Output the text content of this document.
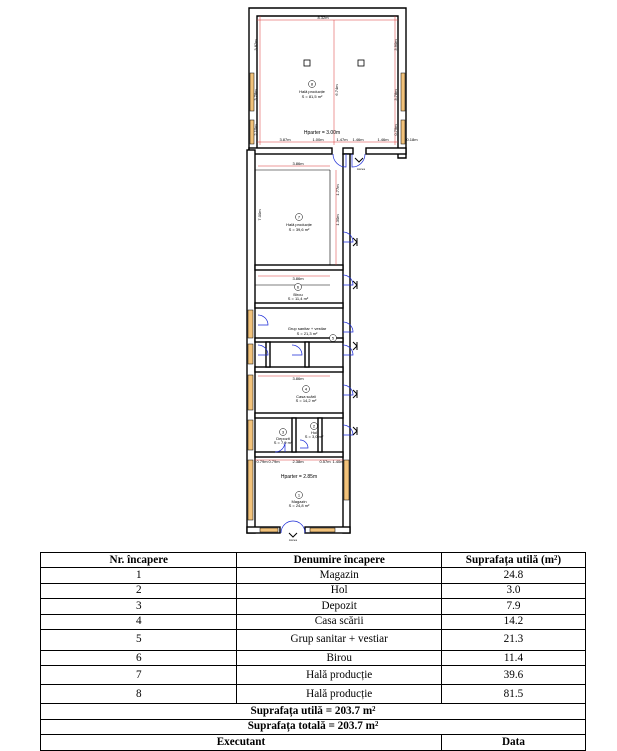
8.32m
3.82m
3.78m
2.15m
3.90m
3.78m
0.79m
6.74m
3.87m	1.00m	1.47m 1.46m	1.46m	0.18m
3.86m
7.00m
1.77m
1.30m
3.86m
3.86m
0.79m 0.79m	2.38m	0.57m 1.40m
Hparter = 3.00m
Hparter = 2.85m
Acces
Acces
8
Hală producție
S = 81,5 m²
7
Hală producție
S = 39,6 m²
6
Birou
S = 11,4 m²
5
Grup sanitar + vestiar
S = 21,3 m²
4
Casa scării
S = 14,2 m²
3
Depozit
S = 7,9 m²
2
Hol
S = 3,0 m²
1
Magazin
S = 24,8 m²
Nr. încapere	Denumire încapere	Suprafața utilă (m²)
1	Magazin	24.8
2	Hol	3.0
3	Depozit	7.9
4	Casa scării	14.2
5	Grup sanitar + vestiar	21.3
6	Birou	11.4
7	Hală producție	39.6
8	Hală producție	81.5
Suprafața utilă = 203.7 m²		
Suprafața totală = 203.7 m²		
Executant		Data
